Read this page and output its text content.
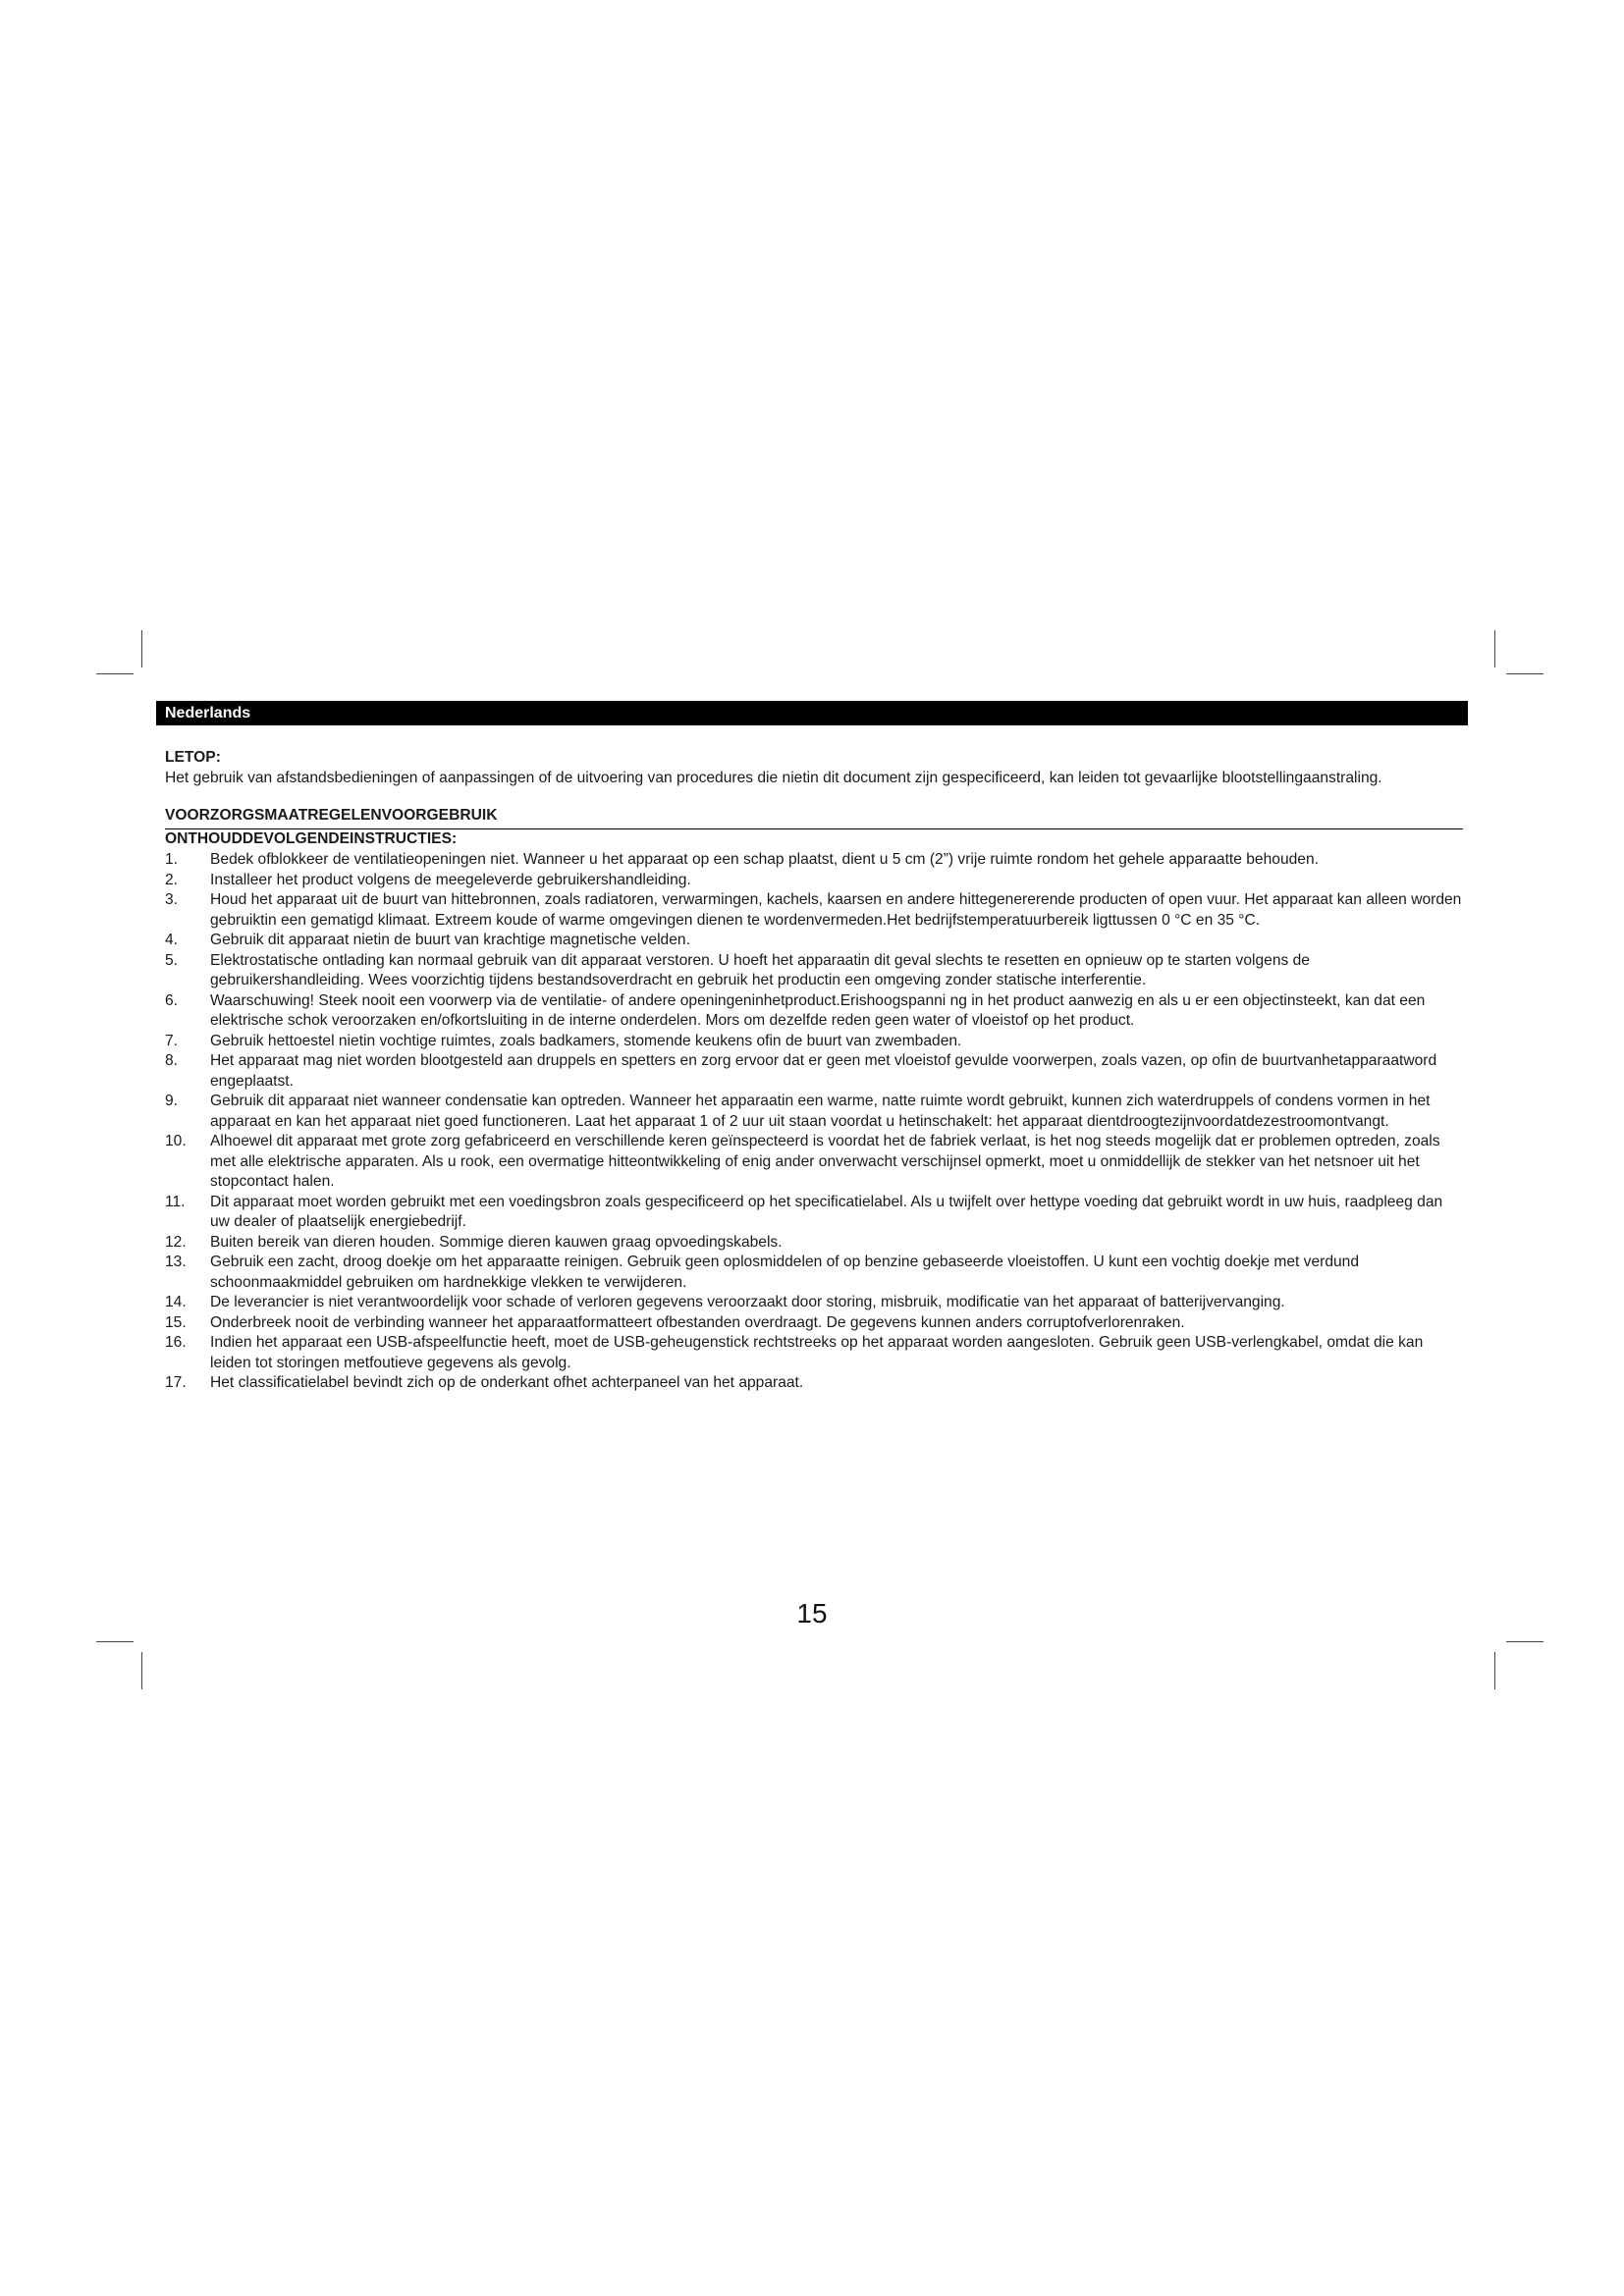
Nederlands
LETOP:
Het gebruik van afstandsbedieningen of aanpassingen of de uitvoering van procedures die nietin dit document zijn gespecificeerd, kan leiden tot gevaarlijke blootstellingaanstraling.
VOORZORGSMAATREGELENVOORGEBRUIK
ONTHOUDDEVOLGENDEINSTRUCTIES:
1.	Bedek ofblokkeer de ventilatieopeningen niet. Wanneer u het apparaat op een schap plaatst, dient u 5 cm (2”) vrije ruimte rondom het gehele apparaatte behouden.
2.	Installeer het product volgens de meegeleverde gebruikershandleiding.
3.	Houd het apparaat uit de buurt van hittebronnen, zoals radiatoren, verwarmingen, kachels, kaarsen en andere hittegenererende producten of open vuur. Het apparaat kan alleen worden gebruiktin een gematigd klimaat. Extreem koude of warme omgevingen dienen te wordenvermeden.Het bedrijfstemperatuurbereik ligttussen 0 °C en 35 °C.
4.	Gebruik dit apparaat nietin de buurt van krachtige magnetische velden.
5.	Elektrostatische ontlading kan normaal gebruik van dit apparaat verstoren. U hoeft het apparaatin dit geval slechts te resetten en opnieuw op te starten volgens de gebruikershandleiding. Wees voorzichtig tijdens bestandsoverdracht en gebruik het productin een omgeving zonder statische interferentie.
6.	Waarschuwing! Steek nooit een voorwerp via de ventilatie- of andere openingeninhetproduct.Erishoogspanni ng in het product aanwezig en als u er een objectinsteekt, kan dat een elektrische schok veroorzaken en/ofkortsluiting in de interne onderdelen. Mors om dezelfde reden geen water of vloeistof op het product.
7.	Gebruik hettoestel nietin vochtige ruimtes, zoals badkamers, stomende keukens ofin de buurt van zwembaden.
8.	Het apparaat mag niet worden blootgesteld aan druppels en spetters en zorg ervoor dat er geen met vloeistof gevulde voorwerpen, zoals vazen, op ofin de buurtvanhetapparaatword engeplaatst.
9.	Gebruik dit apparaat niet wanneer condensatie kan optreden. Wanneer het apparaatin een warme, natte ruimte wordt gebruikt, kunnen zich waterdruppels of condens vormen in het apparaat en kan het apparaat niet goed functioneren. Laat het apparaat 1 of 2 uur uit staan voordat u hetinschakelt: het apparaat dientdroogtezijnvoordatdezestroomontvangt.
10.	Alhoewel dit apparaat met grote zorg gefabriceerd en verschillende keren geïnspecteerd is voordat het de fabriek verlaat, is het nog steeds mogelijk dat er problemen optreden, zoals met alle elektrische apparaten. Als u rook, een overmatige hitteontwikkeling of enig ander onverwacht verschijnsel opmerkt, moet u onmiddellijk de stekker van het netsnoer uit het stopcontact halen.
11.	Dit apparaat moet worden gebruikt met een voedingsbron zoals gespecificeerd op het specificatielabel. Als u twijfelt over hettype voeding dat gebruikt wordt in uw huis, raadpleeg dan uw dealer of plaatselijk energiebedrijf.
12.	Buiten bereik van dieren houden. Sommige dieren kauwen graag opvoedingskabels.
13.	Gebruik een zacht, droog doekje om het apparaatte reinigen. Gebruik geen oplosmiddelen of op benzine gebaseerde vloeistoffen. U kunt een vochtig doekje met verdund schoonmaakmiddel gebruiken om hardnekkige vlekken te verwijderen.
14.	De leverancier is niet verantwoordelijk voor schade of verloren gegevens veroorzaakt door storing, misbruik, modificatie van het apparaat of batterijvervanging.
15.	Onderbreek nooit de verbinding wanneer het apparaatformatteert ofbestanden overdraagt. De gegevens kunnen anders corruptofverlorenraken.
16.	Indien het apparaat een USB-afspeelfunctie heeft, moet de USB-geheugenstick rechtstreeks op het apparaat worden aangesloten. Gebruik geen USB-verlengkabel, omdat die kan leiden tot storingen metfoutieve gegevens als gevolg.
17.	Het classificatielabel bevindt zich op de onderkant ofhet achterpaneel van het apparaat.
15
